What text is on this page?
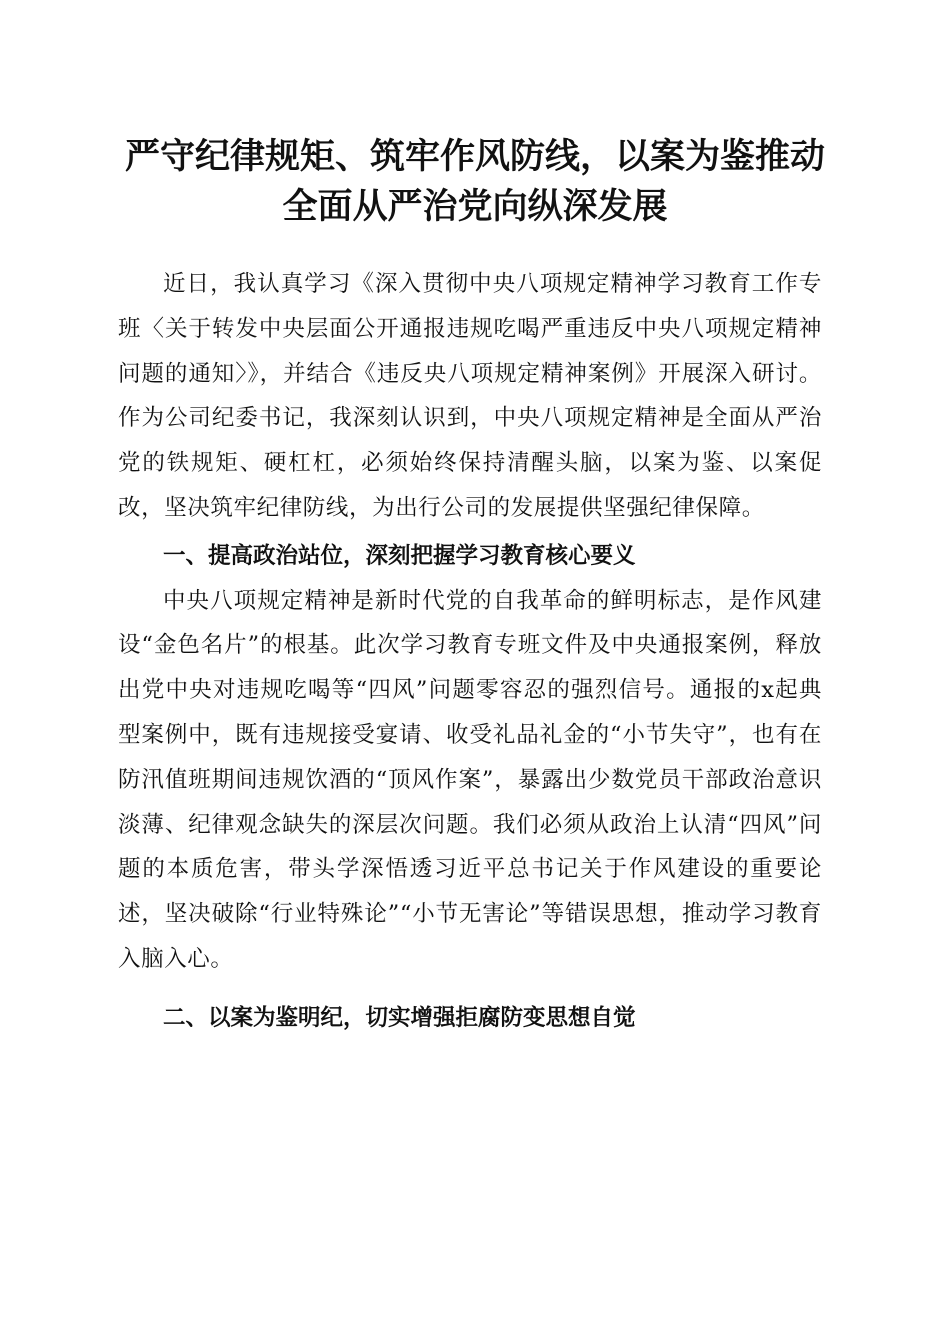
严守纪律规矩、筑牢作风防线，以案为鉴推动
全面从严治党向纵深发展

近日，我认真学习《深入贯彻中央八项规定精神学习教育工作专班〈关于转发中央层面公开通报违规吃喝严重违反中央八项规定精神问题的通知〉》，并结合《违反央八项规定精神案例》开展深入研讨。作为公司纪委书记，我深刻认识到，中央八项规定精神是全面从严治党的铁规矩、硬杠杠，必须始终保持清醒头脑，以案为鉴、以案促改，坚决筑牢纪律防线，为出行公司的发展提供坚强纪律保障。

一、提高政治站位，深刻把握学习教育核心要义

中央八项规定精神是新时代党的自我革命的鲜明标志，是作风建设“金色名片”的根基。此次学习教育专班文件及中央通报案例，释放出党中央对违规吃喝等“四风”问题零容忍的强烈信号。通报的x起典型案例中，既有违规接受宴请、收受礼品礼金的“小节失守”，也有在防汛值班期间违规饮酒的“顶风作案”，暴露出少数党员干部政治意识淡薄、纪律观念缺失的深层次问题。我们必须从政治上认清“四风”问题的本质危害，带头学深悟透习近平总书记关于作风建设的重要论述，坚决破除“行业特殊论”“小节无害论”等错误思想，推动学习教育入脑入心。

二、以案为鉴明纪，切实增强拒腐防变思想自觉
